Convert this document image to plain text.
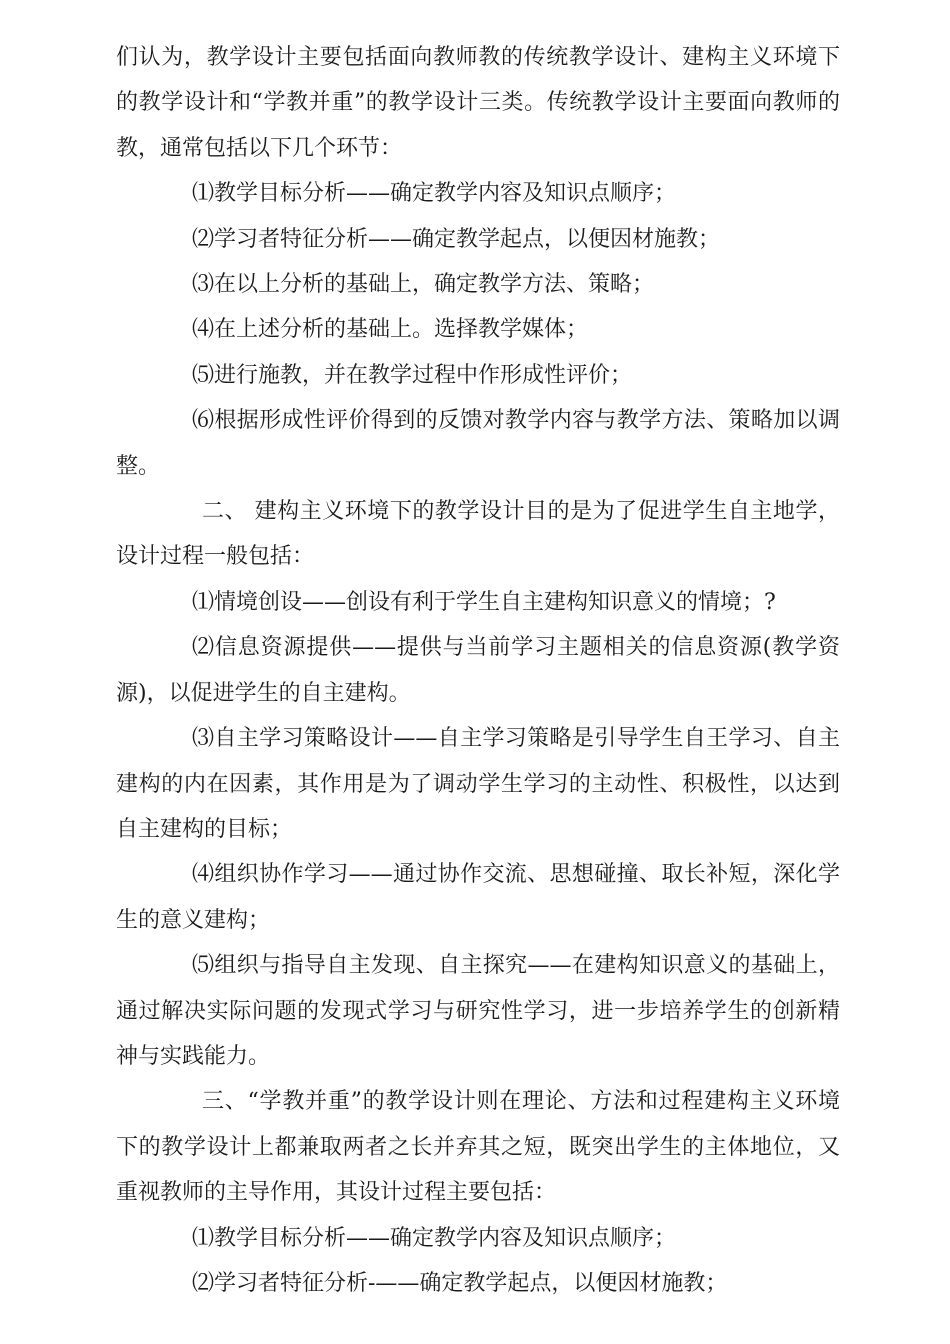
们认为，教学设计主要包括面向教师教的传统教学设计、建构主义环境下的教学设计和“学教并重”的教学设计三类。传统教学设计主要面向教师的教，通常包括以下几个环节：

⑴教学目标分析——确定教学内容及知识点顺序；

⑵学习者特征分析——确定教学起点，以便因材施教；

⑶在以上分析的基础上，确定教学方法、策略；

⑷在上述分析的基础上。选择教学媒体；

⑸进行施教，并在教学过程中作形成性评价；

⑹根据形成性评价得到的反馈对教学内容与教学方法、策略加以调整。

二、 建构主义环境下的教学设计目的是为了促进学生自主地学，设计过程一般包括：

⑴情境创设——创设有利于学生自主建构知识意义的情境；?

⑵信息资源提供——提供与当前学习主题相关的信息资源(教学资源)，以促进学生的自主建构。

⑶自主学习策略设计——自主学习策略是引导学生自王学习、自主建构的内在因素，其作用是为了调动学生学习的主动性、积极性，以达到自主建构的目标；

⑷组织协作学习——通过协作交流、思想碰撞、取长补短，深化学生的意义建构；

⑸组织与指导自主发现、自主探究——在建构知识意义的基础上，通过解决实际问题的发现式学习与研究性学习，进一步培养学生的创新精神与实践能力。

三、“学教并重”的教学设计则在理论、方法和过程建构主义环境下的教学设计上都兼取两者之长并弃其之短，既突出学生的主体地位，又重视教师的主导作用，其设计过程主要包括：

⑴教学目标分析——确定教学内容及知识点顺序；

⑵学习者特征分析-——确定教学起点，以便因材施教；
